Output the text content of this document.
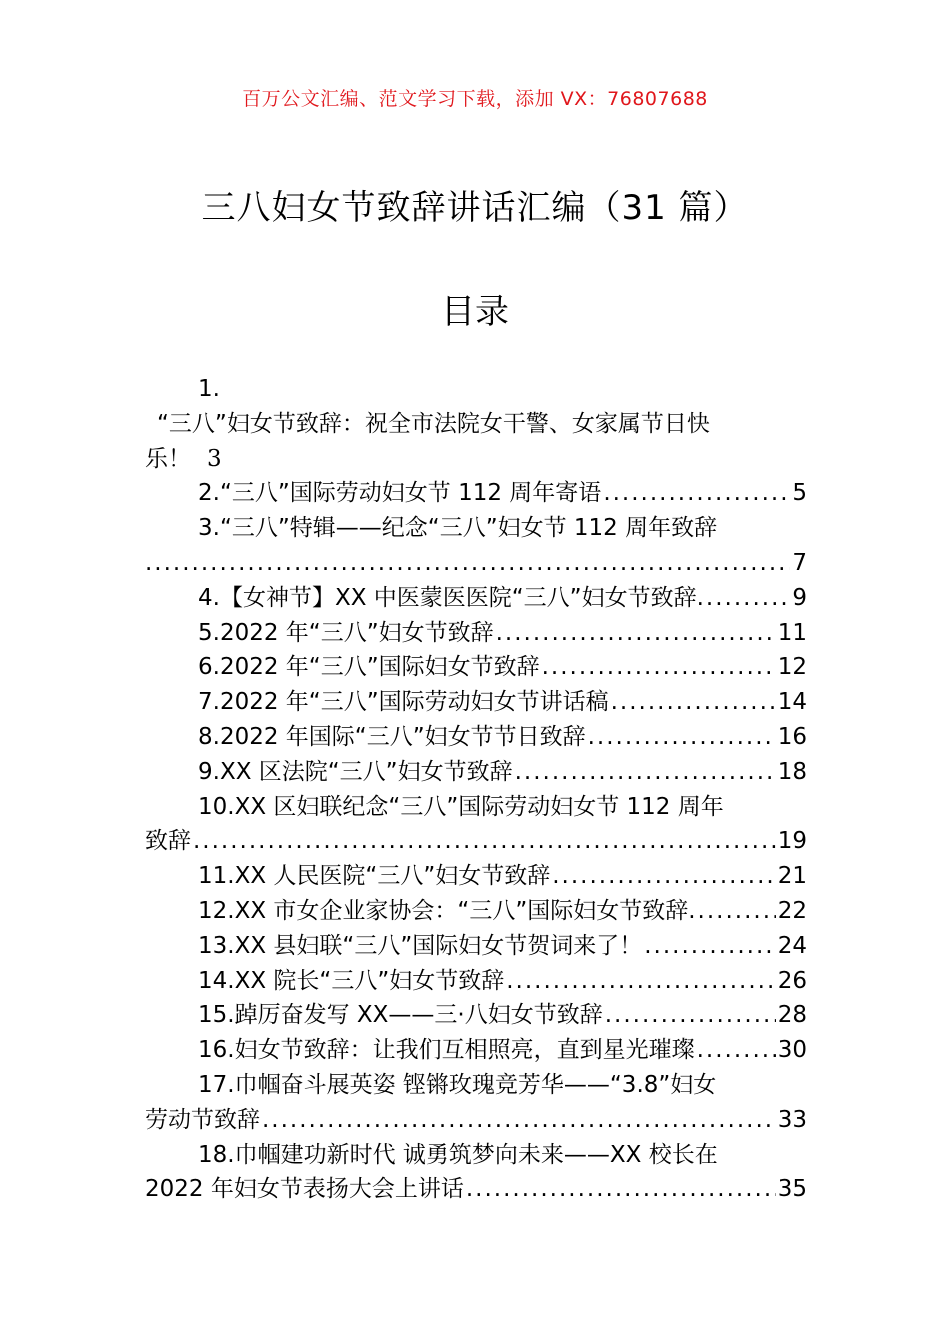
百万公文汇编、范文学习下载，添加 VX：76807688
三八妇女节致辞讲话汇编（31 篇）
目录
1.
“三八”妇女节致辞：祝全市法院女干警、女家属节日快
乐！ 3
2.“三八”国际劳动妇女节 112 周年寄语 .....	5
3.“三八”特辑——纪念“三八”妇女节 112 周年致辞
.....
7
4.【女神节】XX 中医蒙医医院“三八”妇女节致辞. .....	9
5.2022 年“三八”妇女节致辞 .....	11
6.2022 年“三八”国际妇女节致辞 .....	12
7.2022 年“三八”国际劳动妇女节讲话稿 .....	14
8.2022 年国际“三八”妇女节节日致辞 .....	16
9.XX 区法院“三八”妇女节致辞 .....	18
10.XX 区妇联纪念“三八”国际劳动妇女节 112 周年
致辞 .....	19
11.XX 人民医院“三八”妇女节致辞 .....	21
12.XX 市女企业家协会：“三八”国际妇女节致辞. .....	22
13.XX 县妇联“三八”国际妇女节贺词来了！ .....	24
14.XX 院长“三八”妇女节致辞 .....	26
15.踔厉奋发写 XX——三·八妇女节致辞 .....	28
16.妇女节致辞：让我们互相照亮，直到星光璀璨 .....	30
17.巾帼奋斗展英姿 铿锵玫瑰竞芳华——“3.8”妇女
劳动节致辞 .....	33
18.巾帼建功新时代 诚勇筑梦向未来——XX 校长在
2022 年妇女节表扬大会上讲话 .....	35
